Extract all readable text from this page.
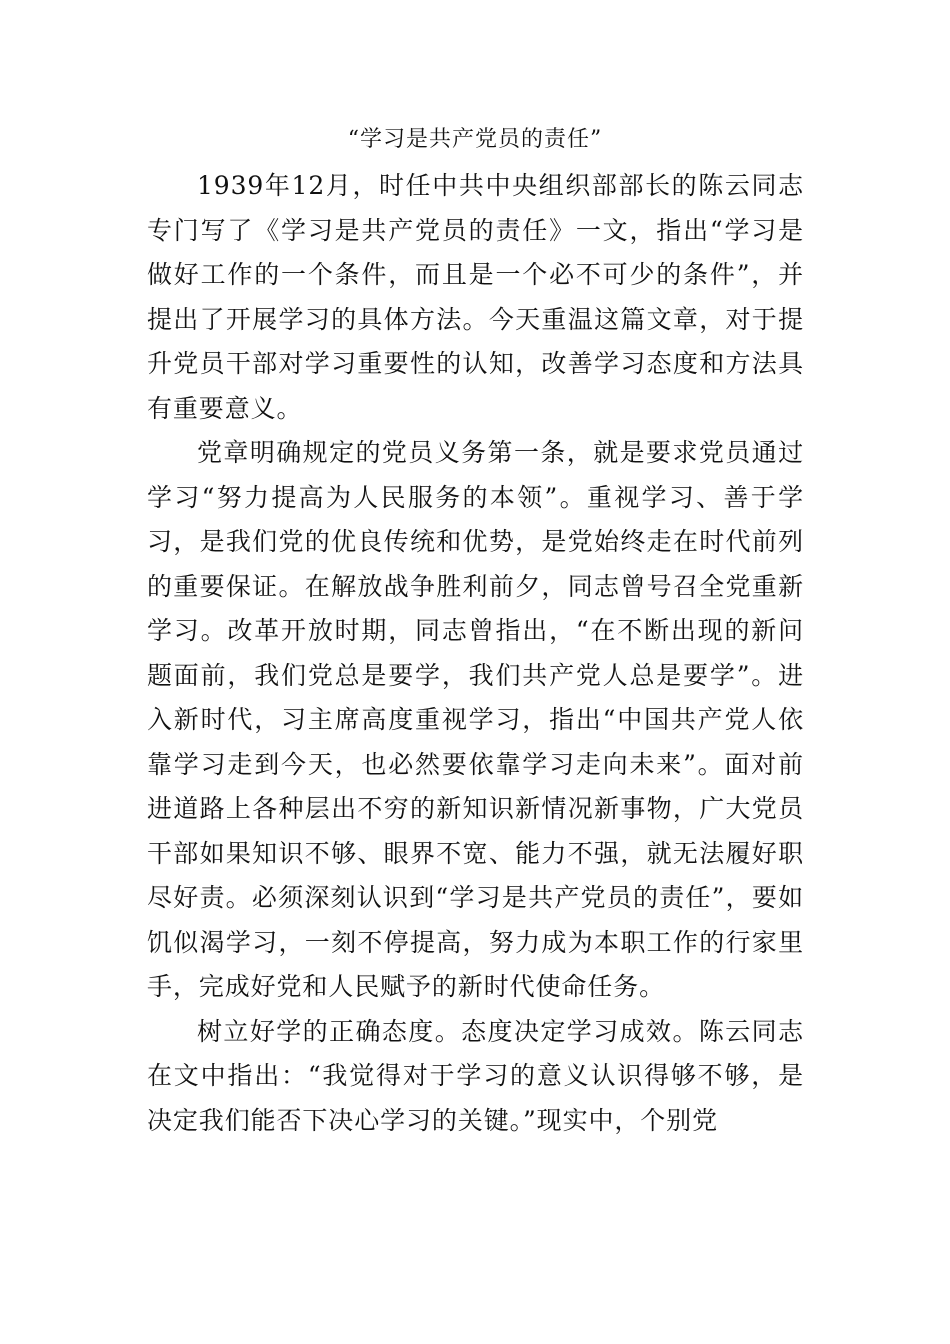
“学习是共产党员的责任”

1939年12月，时任中共中央组织部部长的陈云同志专门写了《学习是共产党员的责任》一文，指出“学习是做好工作的一个条件，而且是一个必不可少的条件”，并提出了开展学习的具体方法。今天重温这篇文章，对于提升党员干部对学习重要性的认知，改善学习态度和方法具有重要意义。

党章明确规定的党员义务第一条，就是要求党员通过学习“努力提高为人民服务的本领”。重视学习、善于学习，是我们党的优良传统和优势，是党始终走在时代前列的重要保证。在解放战争胜利前夕，同志曾号召全党重新学习。改革开放时期，同志曾指出，“在不断出现的新问题面前，我们党总是要学，我们共产党人总是要学”。进入新时代，习主席高度重视学习，指出“中国共产党人依靠学习走到今天，也必然要依靠学习走向未来”。面对前进道路上各种层出不穷的新知识新情况新事物，广大党员干部如果知识不够、眼界不宽、能力不强，就无法履好职尽好责。必须深刻认识到“学习是共产党员的责任”，要如饥似渴学习，一刻不停提高，努力成为本职工作的行家里手，完成好党和人民赋予的新时代使命任务。

树立好学的正确态度。态度决定学习成效。陈云同志在文中指出：“我觉得对于学习的意义认识得够不够，是决定我们能否下决心学习的关键。”现实中，个别党
